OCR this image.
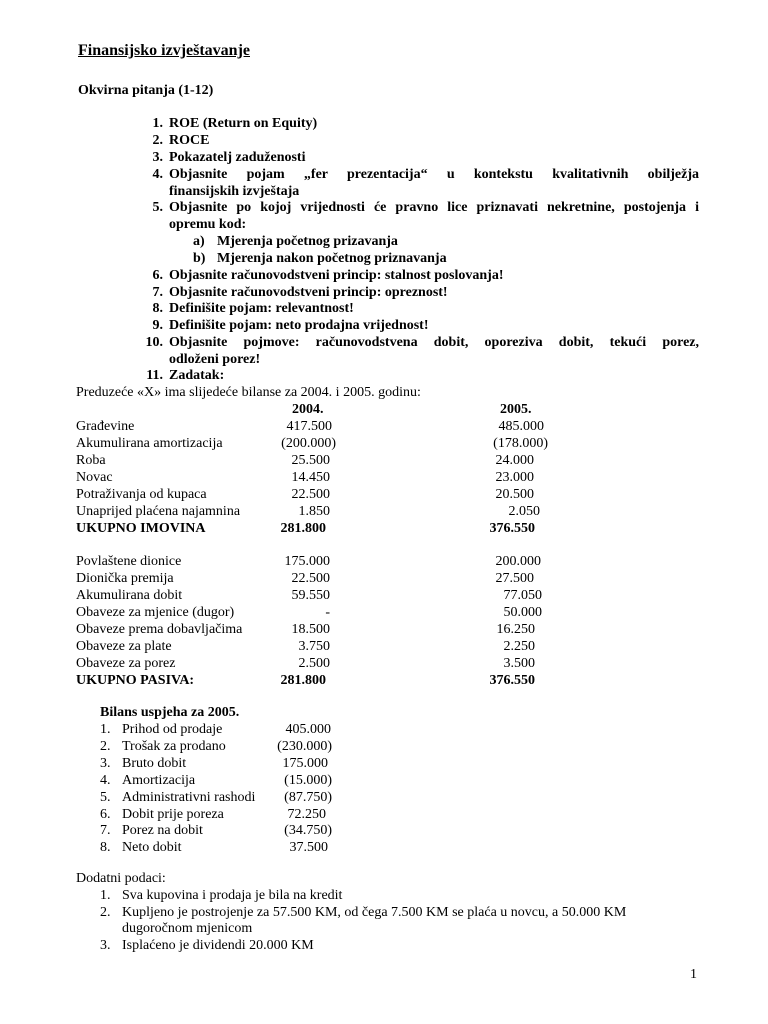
Finansijsko izvještavanje
Okvirna pitanja (1-12)
1. ROE (Return on Equity)
2. ROCE
3. Pokazatelj zaduženosti
4. Objasnite pojam „fer prezentacija“ u kontekstu kvalitativnih obilježja
finansijskih izvještaja
5. Objasnite po kojoj vrijednosti će pravno lice priznavati nekretnine, postojenja i
opremu kod:
a) Mjerenja početnog prizavanja
b) Mjerenja nakon početnog priznavanja
6. Objasnite računovodstveni princip: stalnost poslovanja!
7. Objasnite računovodstveni princip: opreznost!
8. Definišite pojam: relevantnost!
9. Definišite pojam: neto prodajna vrijednost!
10. Objasnite pojmove: računovodstvena dobit, oporeziva dobit, tekući porez,
odloženi porez!
11. Zadatak:
Preduzeće «X» ima slijedeće bilanse za 2004. i 2005. godinu:
2004.	2005.
Građevine	417.500	485.000
Akumulirana amortizacija	(200.000)	(178.000)
Roba	25.500	24.000
Novac	14.450	23.000
Potraživanja od kupaca	22.500	20.500
Unaprijed plaćena najamnina	1.850	2.050
UKUPNO IMOVINA	281.800	376.550
Povlaštene dionice	175.000	200.000
Dionička premija	22.500	27.500
Akumulirana dobit	59.550	77.050
Obaveze za mjenice (dugor)	-	50.000
Obaveze prema dobavljačima	18.500	16.250
Obaveze za plate	3.750	2.250
Obaveze za porez	2.500	3.500
UKUPNO PASIVA:	281.800	376.550
Bilans uspjeha za 2005.
1. Prihod od prodaje	405.000
2. Trošak za prodano	(230.000)
3. Bruto dobit	175.000
4. Amortizacija	(15.000)
5. Administrativni rashodi (87.750)
6. Dobit prije poreza	72.250
7. Porez na dobit	(34.750)
8. Neto dobit	37.500
Dodatni podaci:
1. Sva kupovina i prodaja je bila na kredit
2. Kupljeno je postrojenje za 57.500 KM, od čega 7.500 KM se plaća u novcu, a 50.000 KM
dugoročnom mjenicom
3. Isplaćeno je dividendi 20.000 KM
1
